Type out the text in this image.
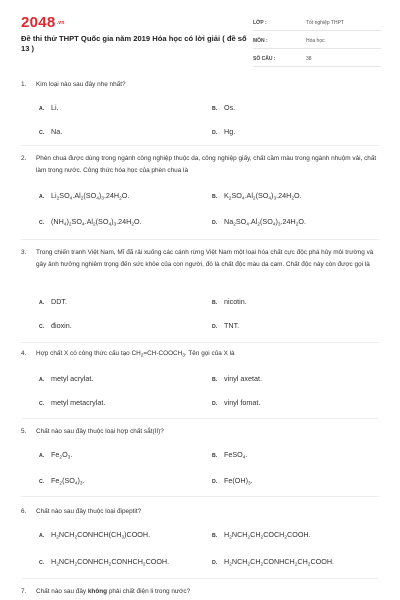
2048.vn
Đề thi thử THPT Quốc gia năm 2019 Hóa học có lời giải ( đề số 13 )
LỚP :	Tốt nghiệp THPT
MÔN :	Hóa học
SỐ CÂU :	38
1. Kim loại nào sau đây nhẹ nhất?
A. Li.	B. Os.
C. Na.	D. Hg.
2. Phèn chua được dùng trong ngành công nghiệp thuộc da, công nghiệp giấy, chất cầm màu trong ngành nhuộm vải, chất làm trong nước. Công thức hóa học của phèn chua là
A. $Li_2SO_4.Al_2(SO_4)_3.24H_2O$.	B. $K_2SO_4.Al_2(SO_4)_3.24H_2O$.
C. $(NH_4)_2SO_4.Al_2(SO_4)_3.24H_2O$.	D. $Na_2SO_4.Al_2(SO_4)_3.24H_2O$.
3. Trong chiến tranh Việt Nam, Mĩ đã rải xuống các cánh rừng Việt Nam một loại hóa chất cực độc phá hủy môi trường và gây ảnh hưởng nghiêm trọng đến sức khỏe của con người, đó là chất độc màu da cam. Chất độc này còn được gọi là
A. DDT.	B. nicotin.
C. đioxin.	D. TNT.
4. Hợp chất X có công thức cấu tạo $CH_2=CH-COOCH_3$. Tên gọi của X là
A. metyl acrylat.	B. vinyl axetat.
C. metyl metacrylat.	D. vinyl fomat.
5. Chất nào sau đây thuộc loại hợp chất sắt(II)?
A. $Fe_2O_3$.	B. FeSO$_4$.
C. $Fe_2(SO_4)_3$.	D. $Fe(OH)_3$.
6. Chất nào sau đây thuộc loại đipeptit?
A. $H_2NCH_2CONHCH(CH_3)COOH$.	B. $H_2NCH_2CH_2COCH_2COOH$.
C. $H_2NCH_2CONHCH_2CONHCH_2COOH$.	D. $H_2NCH_2CH_2CONHCH_2CH_2COOH$.
7. Chất nào sau đây không phải chất điện li trong nước?
